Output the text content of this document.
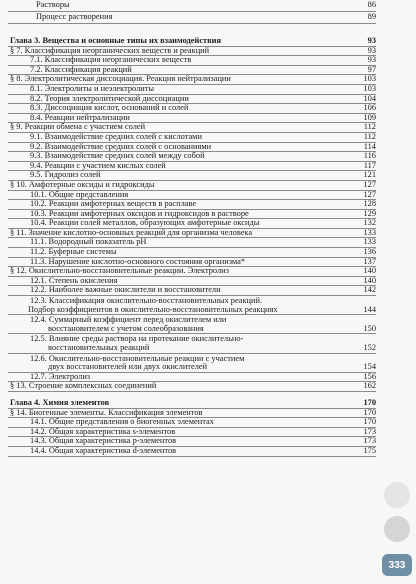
Растворы	86
Процесс растворения	89
Глава 3. Вещества и основные типы их взаимодействия	93
§ 7. Классификация неорганических веществ и реакций	93
7.1. Классификация неорганических веществ	93
7.2. Классификация реакций	97
§ 8. Электролитическая диссоциация. Реакция нейтрализации	103
8.1. Электролиты и неэлектролиты	103
8.2. Теория электролитической диссоциации	104
8.3. Диссоциация кислот, оснований и солей	106
8.4. Реакции нейтрализации	109
§ 9. Реакции обмена с участием солей	112
9.1. Взаимодействие средних солей с кислотами	112
9.2. Взаимодействие средних солей с основаниями	114
9.3. Взаимодействие средних солей между собой	116
9.4. Реакции с участием кислых солей	117
9.5. Гидролиз солей	121
§ 10. Амфотерные оксиды и гидроксиды	127
10.1. Общие представления	127
10.2. Реакции амфотерных веществ в расплаве	128
10.3. Реакции амфотерных оксидов и гидроксидов в растворе	129
10.4. Реакции солей металлов, образующих амфотерные оксиды	132
§ 11. Значение кислотно-основных реакций для организма человека	133
11.1. Водородный показатель pH	133
11.2. Буферные системы	136
11.3. Нарушение кислотно-основного состояния организма*	137
§ 12. Окислительно-восстановительные реакции. Электролиз	140
12.1. Степень окисления	140
12.2. Наиболее важные окислители и восстановители	142
12.3. Классификация окислительно-восстановительных реакций.
Подбор коэффициентов в окислительно-восстановительных реакциях	144
12.4. Суммарный коэффициент перед окислителем или
восстановителем с учетом солеобразования	150
12.5. Влияние среды раствора на протекание окислительно-
восстановительных реакций	152
12.6. Окислительно-восстановительные реакции с участием
двух восстановителей или двух окислителей	154
12.7. Электролиз	156
§ 13. Строение комплексных соединений	162
Глава 4. Химия элементов	170
§ 14. Биогенные элементы. Классификация элементов	170
14.1. Общие представления о биогенных элементах	170
14.2. Общая характеристика s-элементов	173
14.3. Общая характеристика p-элементов	173
14.4. Общая характеристика d-элементов	175
333
